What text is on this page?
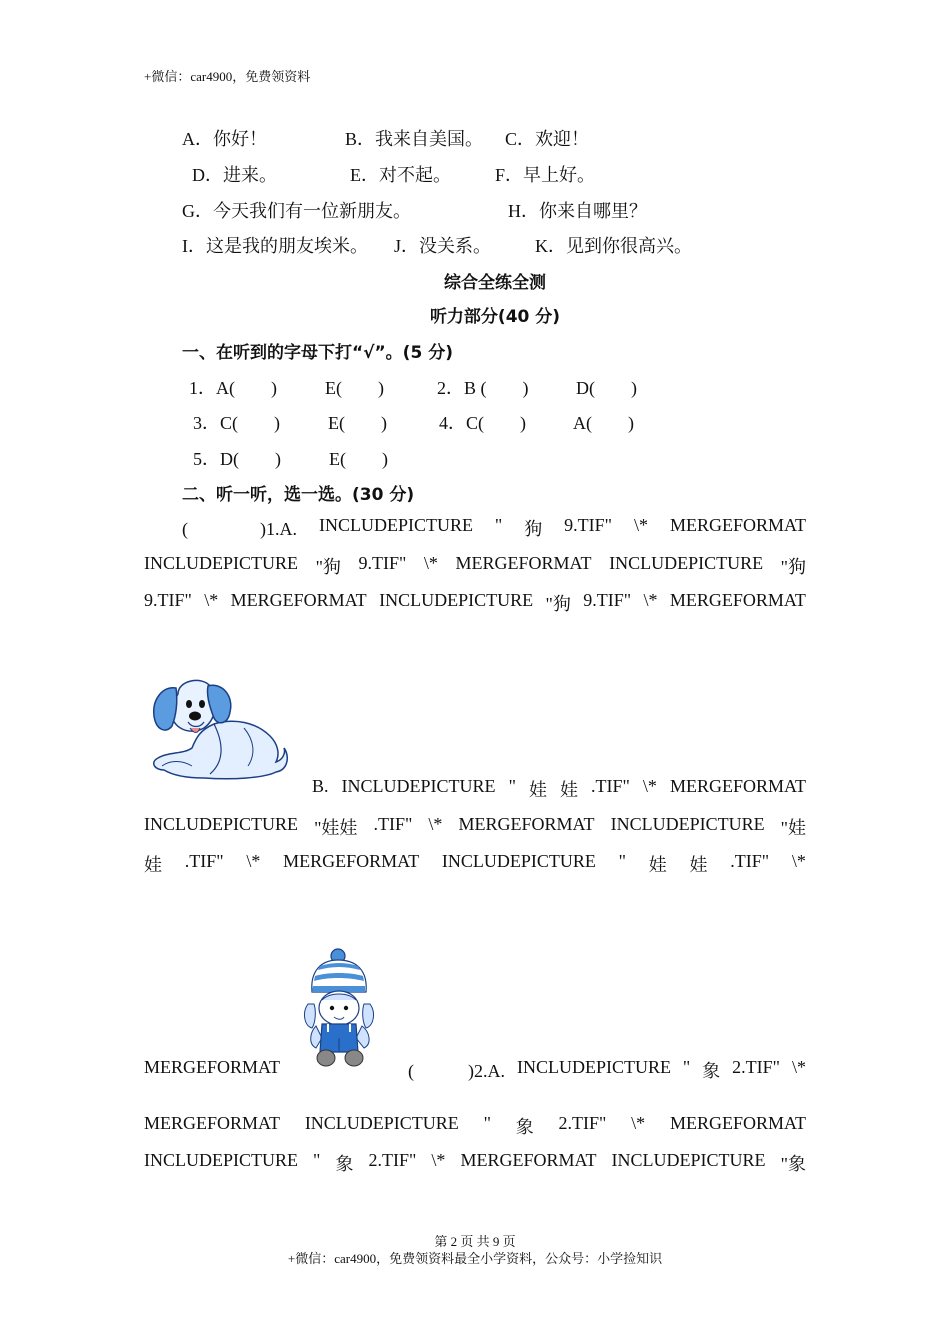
+微信：car4900，免费领资料
A．你好！	B．我来自美国。 C．欢迎！
D．进来。	E．对不起。 F．早上好。
G．今天我们有一位新朋友。	H．你来自哪里？
I．这是我的朋友埃米。 J．没关系。 K．见到你很高兴。
综合全练全测
听力部分(40 分)
一、在听到的字母下打“√”。(5 分)
1．A(　　)	E(　　)	2．B (　　)	D(　　)
3．C(　　)	E(　　)	4．C(　　)	A(　　)
5．D(　　)	E(　　)
二、听一听，选一选。(30 分)
(　　　　)1.A. INCLUDEPICTURE " 狗 9.TIF" \* MERGEFORMAT
INCLUDEPICTURE "狗 9.TIF" \* MERGEFORMAT INCLUDEPICTURE "狗
9.TIF" \* MERGEFORMAT INCLUDEPICTURE "狗 9.TIF" \* MERGEFORMAT
B. INCLUDEPICTURE " 娃 娃 .TIF" \* MERGEFORMAT
INCLUDEPICTURE "娃娃 .TIF" \* MERGEFORMAT INCLUDEPICTURE "娃
娃 .TIF" \* MERGEFORMAT INCLUDEPICTURE " 娃 娃 .TIF" \*
MERGEFORMAT	(　　　)2.A. INCLUDEPICTURE " 象 2.TIF" \*
MERGEFORMAT INCLUDEPICTURE " 象 2.TIF" \* MERGEFORMAT
INCLUDEPICTURE " 象 2.TIF" \* MERGEFORMAT INCLUDEPICTURE "象
第 2 页 共 9 页
+微信：car4900，免费领资料最全小学资料，公众号：小学捡知识
